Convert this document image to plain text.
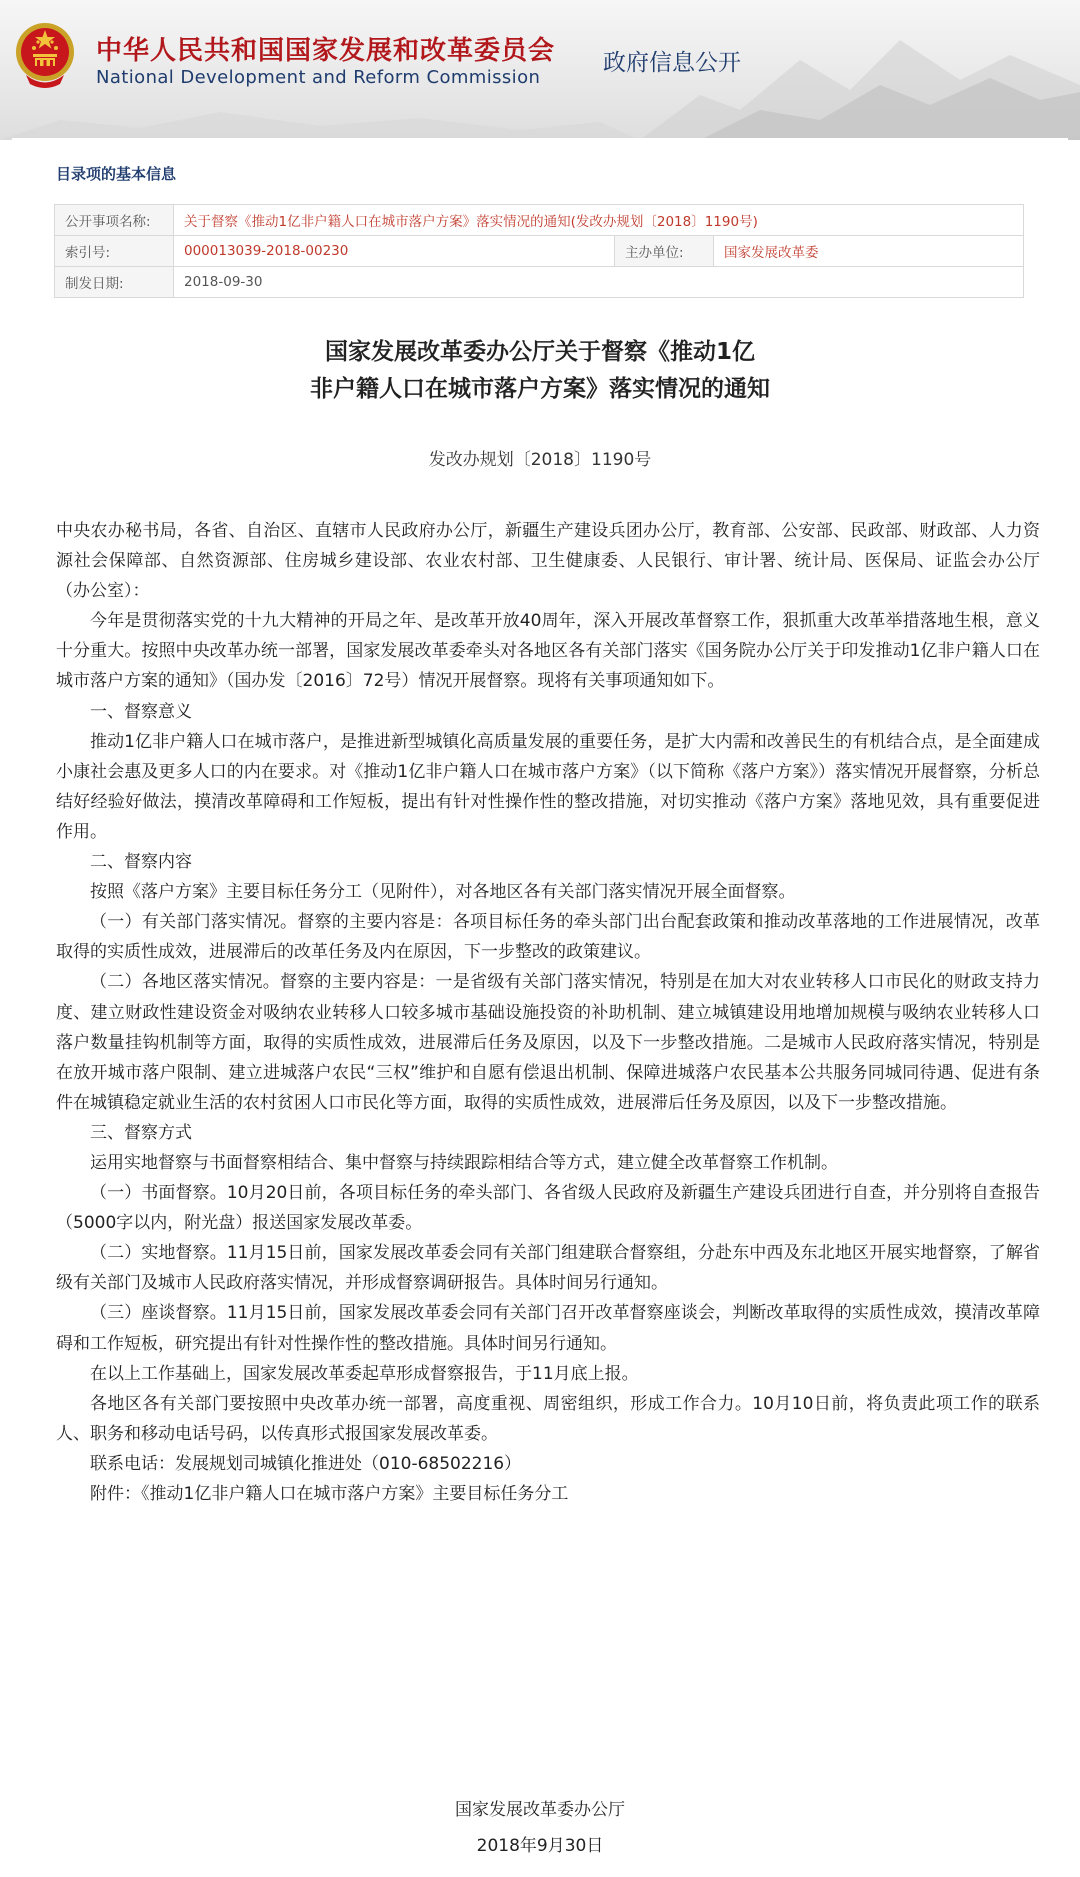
中华人民共和国国家发展和改革委员会
National Development and Reform Commission
政府信息公开
目录项的基本信息
公开事项名称:	关于督察《推动1亿非户籍人口在城市落户方案》落实情况的通知(发改办规划〔2018〕1190号)		
索引号:	000013039-2018-00230	主办单位:	国家发展改革委
制发日期:	2018-09-30		
国家发展改革委办公厅关于督察《推动1亿
非户籍人口在城市落户方案》落实情况的通知
发改办规划〔2018〕1190号

中央农办秘书局，各省、自治区、直辖市人民政府办公厅，新疆生产建设兵团办公厅，教育部、公安部、民政部、财政部、人力资源社会保障部、自然资源部、住房城乡建设部、农业农村部、卫生健康委、人民银行、审计署、统计局、医保局、证监会办公厅（办公室）：

今年是贯彻落实党的十九大精神的开局之年、是改革开放40周年，深入开展改革督察工作，狠抓重大改革举措落地生根，意义十分重大。按照中央改革办统一部署，国家发展改革委牵头对各地区各有关部门落实《国务院办公厅关于印发推动1亿非户籍人口在城市落户方案的通知》（国办发〔2016〕72号）情况开展督察。现将有关事项通知如下。

一、督察意义

推动1亿非户籍人口在城市落户，是推进新型城镇化高质量发展的重要任务，是扩大内需和改善民生的有机结合点，是全面建成小康社会惠及更多人口的内在要求。对《推动1亿非户籍人口在城市落户方案》（以下简称《落户方案》）落实情况开展督察，分析总结好经验好做法，摸清改革障碍和工作短板，提出有针对性操作性的整改措施，对切实推动《落户方案》落地见效，具有重要促进作用。

二、督察内容

按照《落户方案》主要目标任务分工（见附件），对各地区各有关部门落实情况开展全面督察。

（一）有关部门落实情况。督察的主要内容是：各项目标任务的牵头部门出台配套政策和推动改革落地的工作进展情况，改革取得的实质性成效，进展滞后的改革任务及内在原因，下一步整改的政策建议。

（二）各地区落实情况。督察的主要内容是：一是省级有关部门落实情况，特别是在加大对农业转移人口市民化的财政支持力度、建立财政性建设资金对吸纳农业转移人口较多城市基础设施投资的补助机制、建立城镇建设用地增加规模与吸纳农业转移人口落户数量挂钩机制等方面，取得的实质性成效，进展滞后任务及原因，以及下一步整改措施。二是城市人民政府落实情况，特别是在放开城市落户限制、建立进城落户农民“三权”维护和自愿有偿退出机制、保障进城落户农民基本公共服务同城同待遇、促进有条件在城镇稳定就业生活的农村贫困人口市民化等方面，取得的实质性成效，进展滞后任务及原因，以及下一步整改措施。

三、督察方式

运用实地督察与书面督察相结合、集中督察与持续跟踪相结合等方式，建立健全改革督察工作机制。

（一）书面督察。10月20日前，各项目标任务的牵头部门、各省级人民政府及新疆生产建设兵团进行自查，并分别将自查报告（5000字以内，附光盘）报送国家发展改革委。

（二）实地督察。11月15日前，国家发展改革委会同有关部门组建联合督察组，分赴东中西及东北地区开展实地督察，了解省级有关部门及城市人民政府落实情况，并形成督察调研报告。具体时间另行通知。

（三）座谈督察。11月15日前，国家发展改革委会同有关部门召开改革督察座谈会，判断改革取得的实质性成效，摸清改革障碍和工作短板，研究提出有针对性操作性的整改措施。具体时间另行通知。

在以上工作基础上，国家发展改革委起草形成督察报告，于11月底上报。

各地区各有关部门要按照中央改革办统一部署，高度重视、周密组织，形成工作合力。10月10日前，将负责此项工作的联系人、职务和移动电话号码，以传真形式报国家发展改革委。

联系电话：发展规划司城镇化推进处（010-68502216）

附件：《推动1亿非户籍人口在城市落户方案》主要目标任务分工

国家发展改革委办公厅
2018年9月30日
